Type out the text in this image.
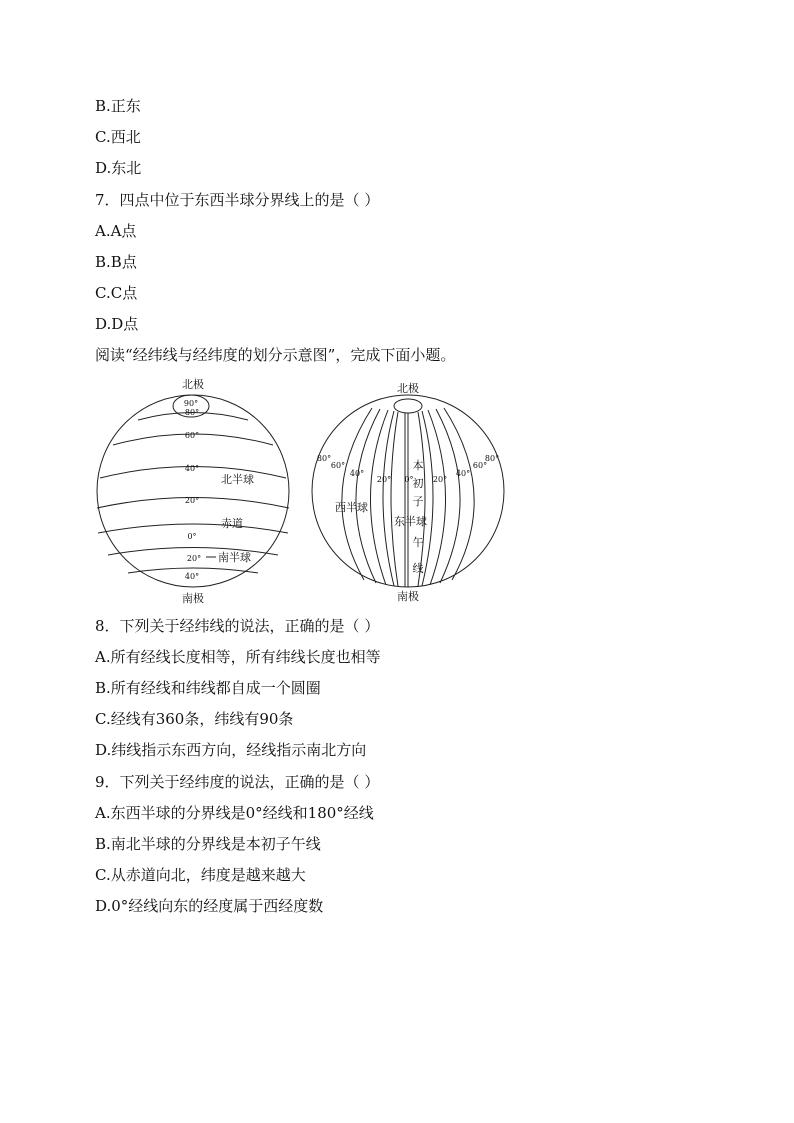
B.正东
C.西北
D.东北
7．四点中位于东西半球分界线上的是（ ）
A.A点
B.B点
C.C点
D.D点
阅读“经纬线与经纬度的划分示意图”，完成下面小题。
90°
80°
60°
40°
20°
0°
20°
40°
北极
南极
北半球
赤道
南半球
80°
60°
40°
20° 0° 20°
40°
60°
80°
北极
南极
西半球
东半球
本
初
子
午
线
8．下列关于经纬线的说法，正确的是（ ）
A.所有经线长度相等，所有纬线长度也相等
B.所有经线和纬线都自成一个圆圈
C.经线有360条，纬线有90条
D.纬线指示东西方向，经线指示南北方向
9．下列关于经纬度的说法，正确的是（ ）
A.东西半球的分界线是0°经线和180°经线
B.南北半球的分界线是本初子午线
C.从赤道向北，纬度是越来越大
D.0°经线向东的经度属于西经度数
